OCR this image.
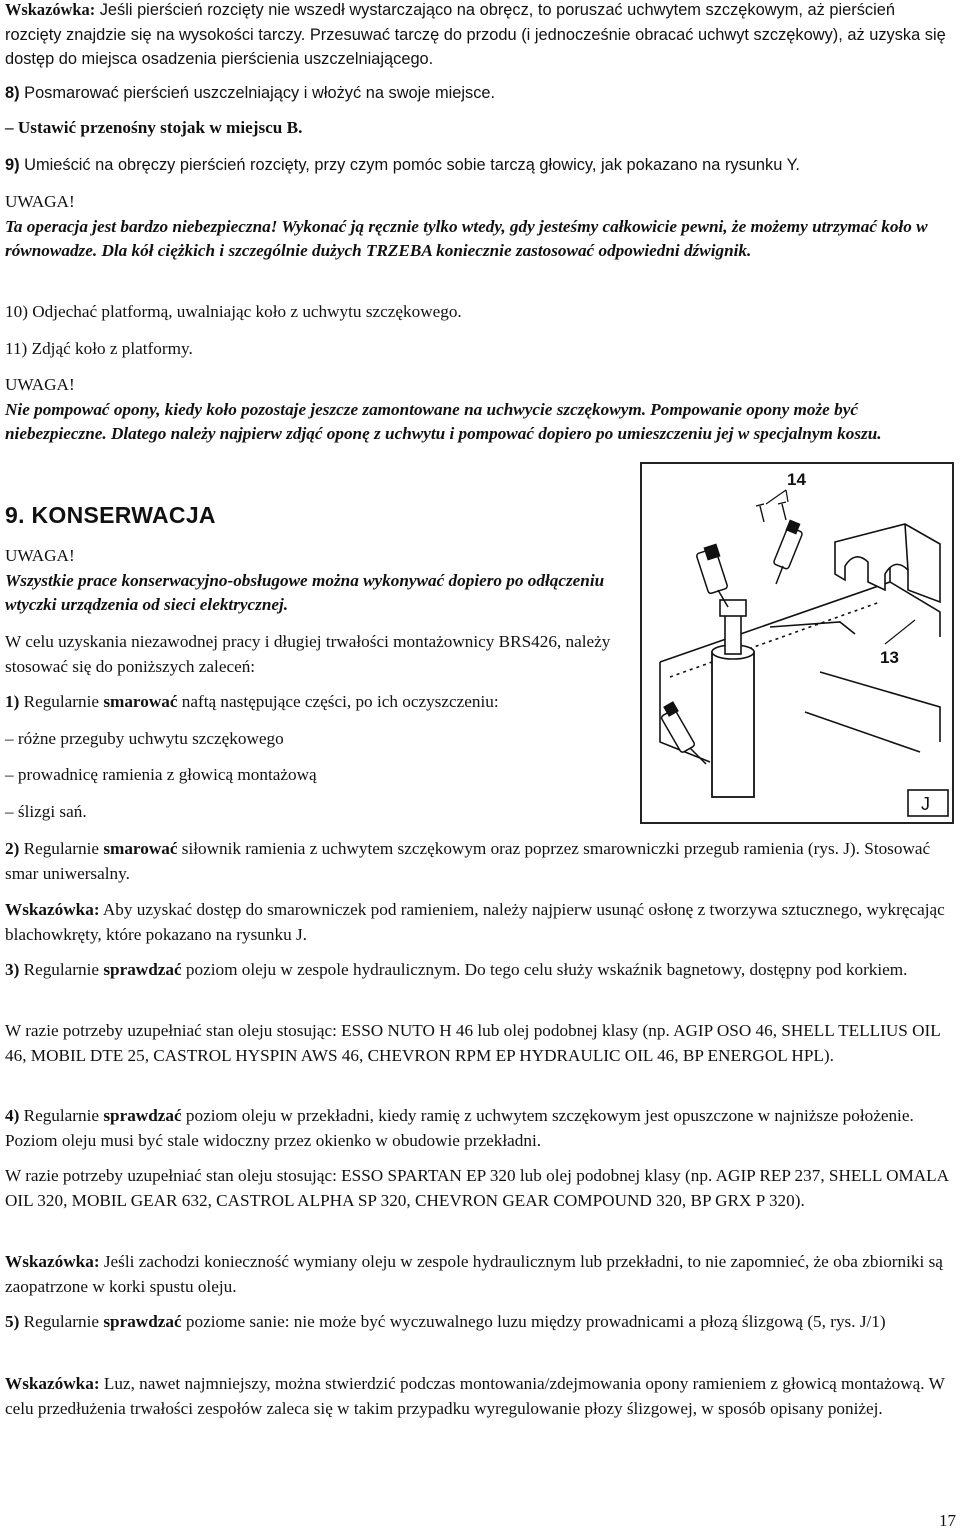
Wskazówka: Jeśli pierścień rozcięty nie wszedł wystarczająco na obręcz, to poruszać uchwytem szczękowym, aż pierścień rozcięty znajdzie się na wysokości tarczy. Przesuwać tarczę do przodu (i jednocześnie obracać uchwyt szczękowy), aż uzyska się dostęp do miejsca osadzenia pierścienia uszczelniającego.
8) Posmarować pierścień uszczelniający i włożyć na swoje miejsce.
– Ustawić przenośny stojak w miejscu B.
9) Umieścić na obręczy pierścień rozcięty, przy czym pomóc sobie tarczą głowicy, jak pokazano na rysunku Y.
UWAGA!
Ta operacja jest bardzo niebezpieczna! Wykonać ją ręcznie tylko wtedy, gdy jesteśmy całkowicie pewni, że możemy utrzymać koło w równowadze. Dla kół ciężkich i szczególnie dużych TRZEBA koniecznie zastosować odpowiedni dźwignik.
10) Odjechać platformą, uwalniając koło z uchwytu szczękowego.
11) Zdjąć koło z platformy.
UWAGA!
Nie pompować opony, kiedy koło pozostaje jeszcze zamontowane na uchwycie szczękowym. Pompowanie opony może być niebezpieczne. Dlatego należy najpierw zdjąć oponę z uchwytu i pompować dopiero po umieszczeniu jej w specjalnym koszu.
9. KONSERWACJA
UWAGA!
Wszystkie prace konserwacyjno-obsługowe można wykonywać dopiero po odłączeniu wtyczki urządzenia od sieci elektrycznej.
W celu uzyskania niezawodnej pracy i długiej trwałości montażownicy BRS426, należy stosować się do poniższych zaleceń:
1) Regularnie smarować naftą następujące części, po ich oczyszczeniu:
– różne przeguby uchwytu szczękowego
– prowadnicę ramienia z głowicą montażową
– ślizgi sań.
2) Regularnie smarować siłownik ramienia z uchwytem szczękowym oraz poprzez smarowniczki przegub ramienia (rys. J). Stosować smar uniwersalny.
Wskazówka: Aby uzyskać dostęp do smarowniczek pod ramieniem, należy najpierw usunąć osłonę z tworzywa sztucznego, wykręcając blachowkręty, które pokazano na rysunku J.
3) Regularnie sprawdzać poziom oleju w zespole hydraulicznym. Do tego celu służy wskaźnik bagnetowy, dostępny pod korkiem.
W razie potrzeby uzupełniać stan oleju stosując: ESSO NUTO H 46 lub olej podobnej klasy (np. AGIP OSO 46, SHELL TELLIUS OIL 46, MOBIL DTE 25, CASTROL HYSPIN AWS 46, CHEVRON RPM EP HYDRAULIC OIL 46, BP ENERGOL HPL).
4) Regularnie sprawdzać poziom oleju w przekładni, kiedy ramię z uchwytem szczękowym jest opuszczone w najniższe położenie. Poziom oleju musi być stale widoczny przez okienko w obudowie przekładni.
W razie potrzeby uzupełniać stan oleju stosując: ESSO SPARTAN EP 320 lub olej podobnej klasy (np. AGIP REP 237, SHELL OMALA OIL 320, MOBIL GEAR 632, CASTROL ALPHA SP 320, CHEVRON GEAR COMPOUND 320, BP GRX P 320).
Wskazówka: Jeśli zachodzi konieczność wymiany oleju w zespole hydraulicznym lub przekładni, to nie zapomnieć, że oba zbiorniki są zaopatrzone w korki spustu oleju.
5) Regularnie sprawdzać poziome sanie: nie może być wyczuwalnego luzu między prowadnicami a płozą ślizgową (5, rys. J/1)
Wskazówka: Luz, nawet najmniejszy, można stwierdzić podczas montowania/zdejmowania opony ramieniem z głowicą montażową. W celu przedłużenia trwałości zespołów zaleca się w takim przypadku wyregulowanie płozy ślizgowej, w sposób opisany poniżej.
14
13
J
17
